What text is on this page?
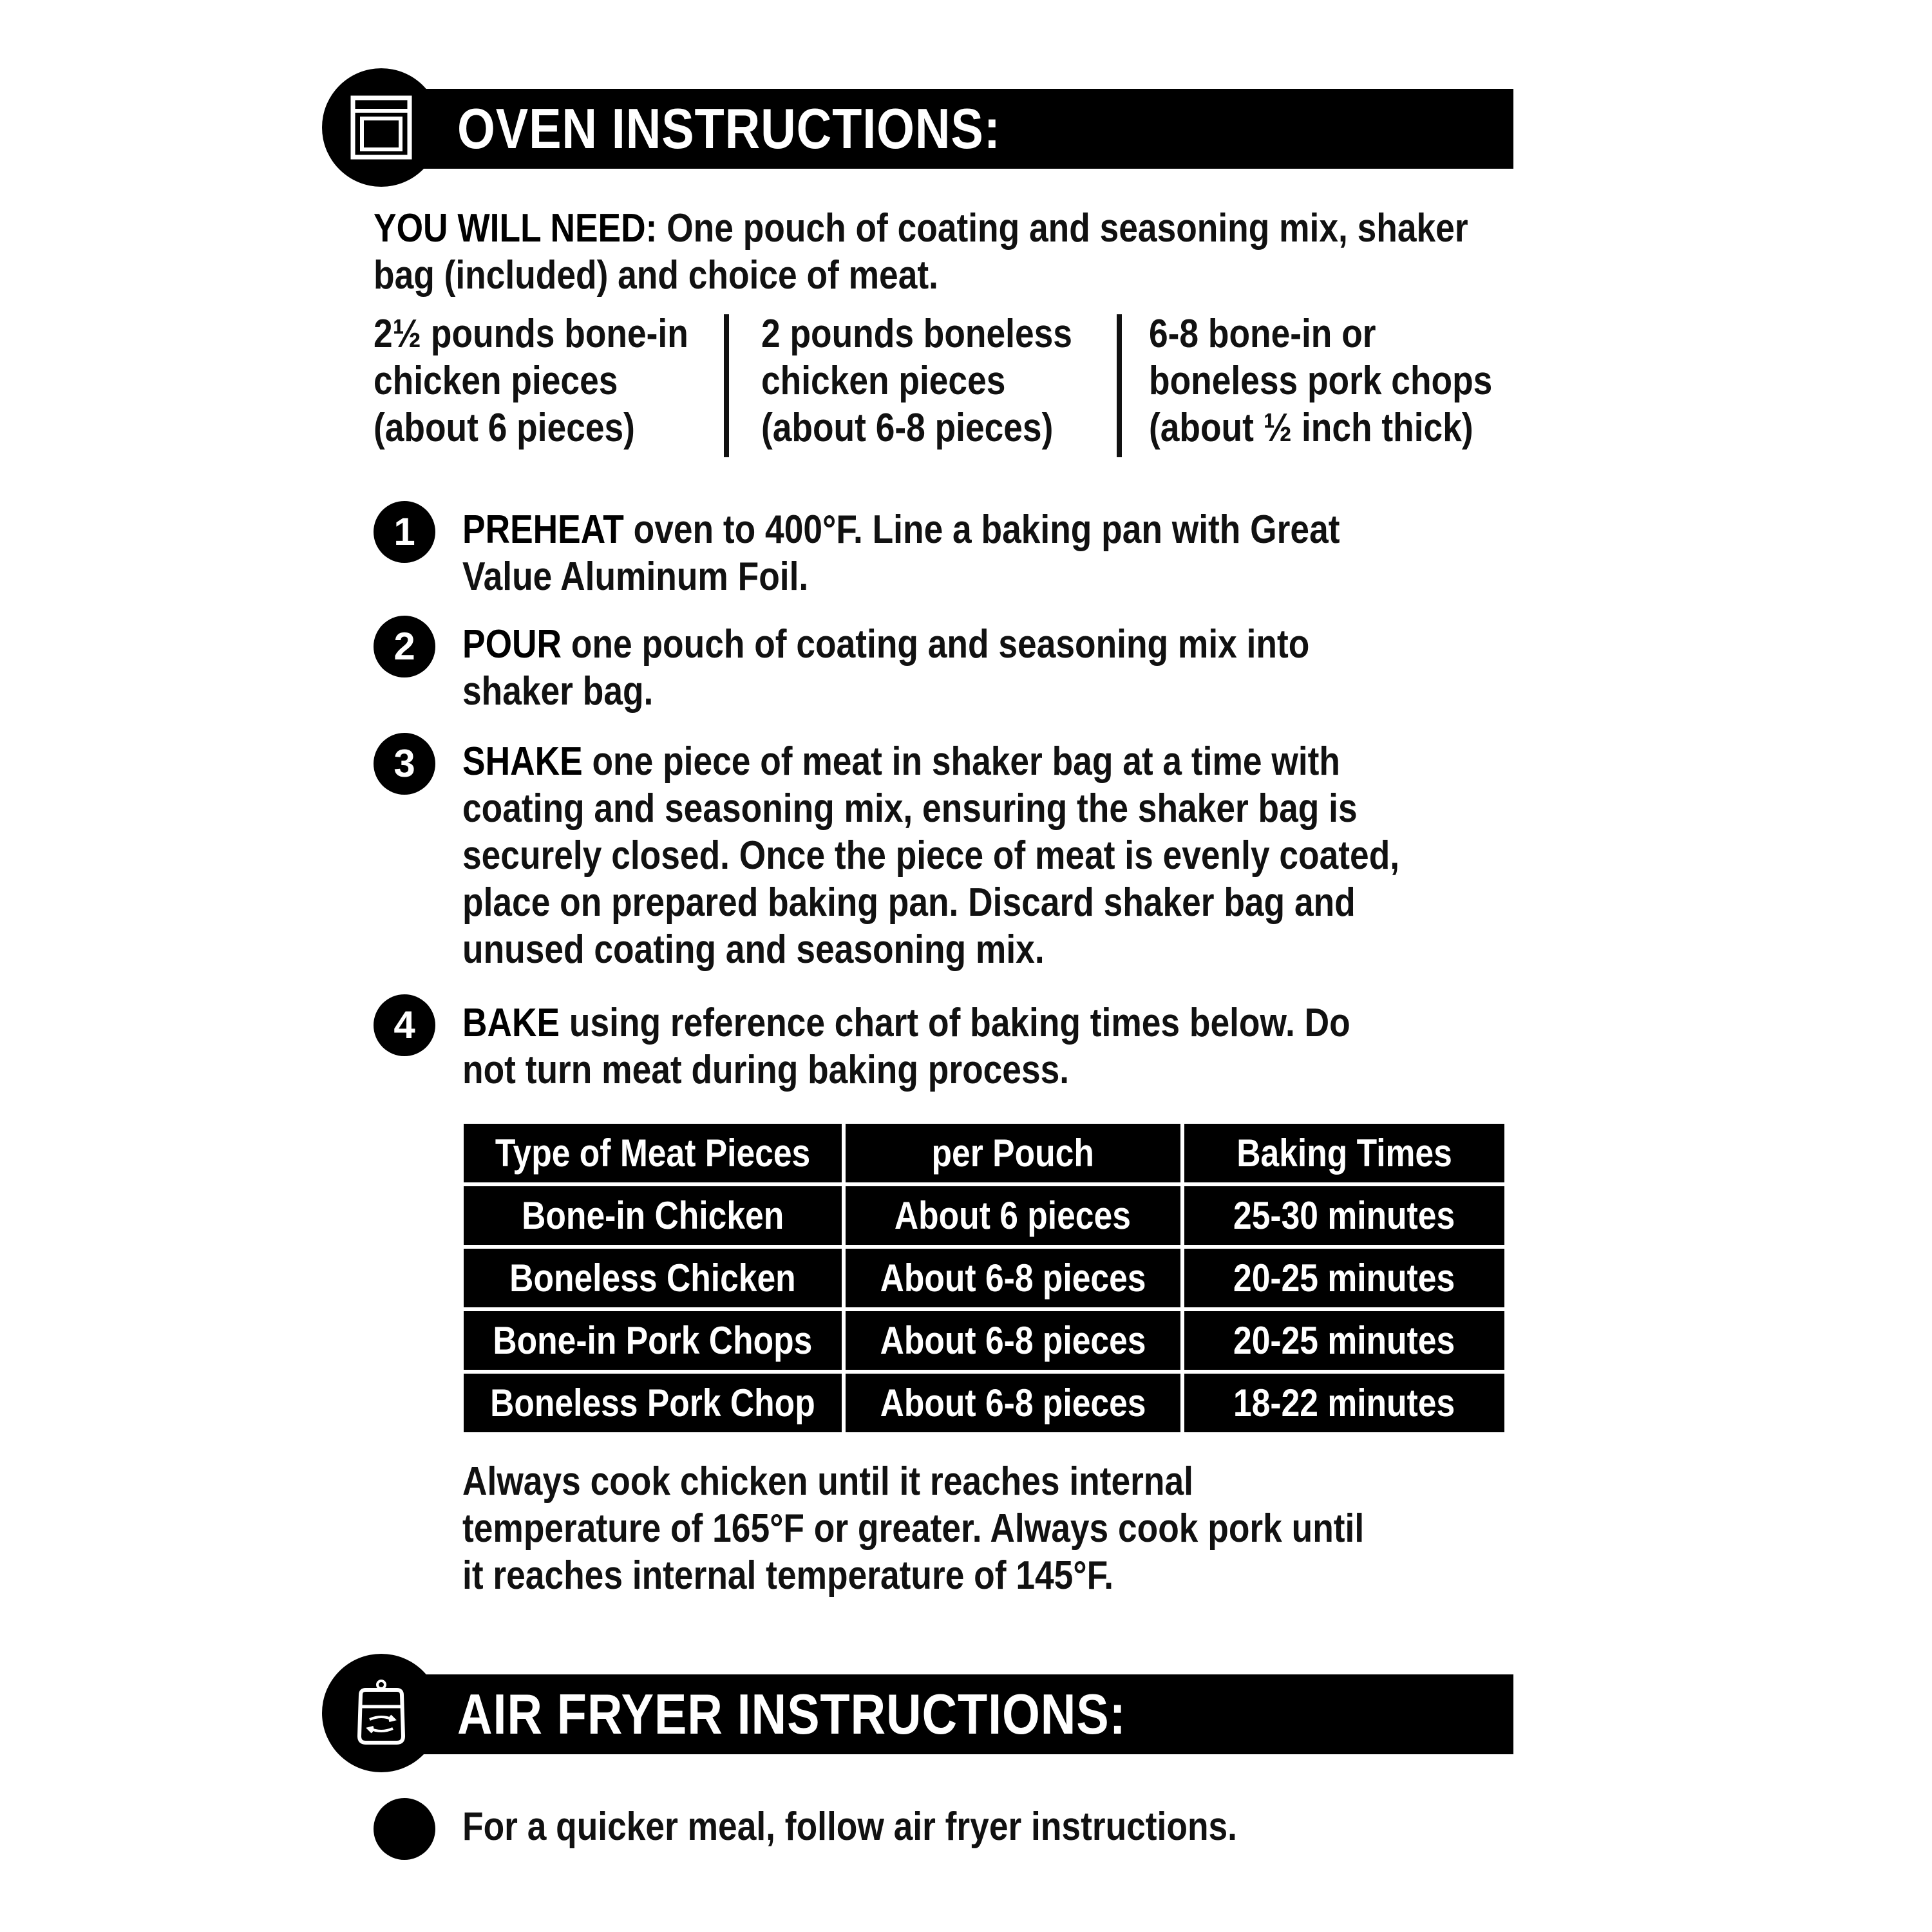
OVEN INSTRUCTIONS:
YOU WILL NEED: One pouch of coating and seasoning mix, shaker
bag (included) and choice of meat.
2½ pounds bone-in
chicken pieces
(about 6 pieces)
2 pounds boneless
chicken pieces
(about 6-8 pieces)
6-8 bone-in or
boneless pork chops
(about ½ inch thick)
1	PREHEAT oven to 400°F. Line a baking pan with Great
Value Aluminum Foil.
2	POUR one pouch of coating and seasoning mix into
shaker bag.
3	SHAKE one piece of meat in shaker bag at a time with
coating and seasoning mix, ensuring the shaker bag is
securely closed. Once the piece of meat is evenly coated,
place on prepared baking pan. Discard shaker bag and
unused coating and seasoning mix.
4	BAKE using reference chart of baking times below. Do
not turn meat during baking process.
Type of Meat Pieces	per Pouch	Baking Times
Bone-in Chicken	About 6 pieces	25-30 minutes
Boneless Chicken	About 6-8 pieces	20-25 minutes
Bone-in Pork Chops	About 6-8 pieces	20-25 minutes
Boneless Pork Chop	About 6-8 pieces	18-22 minutes
Always cook chicken until it reaches internal
temperature of 165°F or greater. Always cook pork until
it reaches internal temperature of 145°F.
AIR FRYER INSTRUCTIONS:
For a quicker meal, follow air fryer instructions.
